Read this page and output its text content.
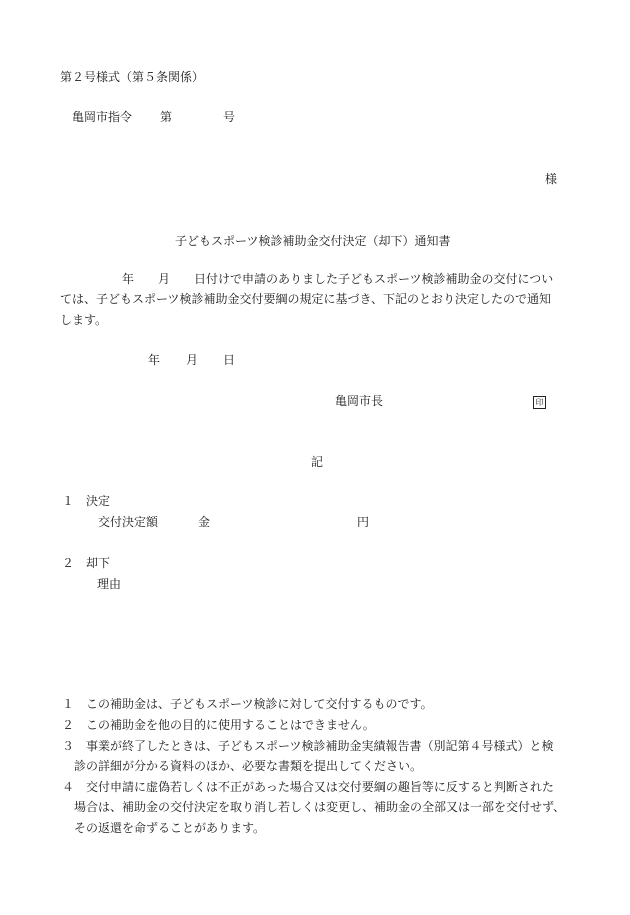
第２号様式（第５条関係）
亀岡市指令 第	号
様
子どもスポーツ検診補助金交付決定（却下）通知書
年　　月　　日付けで申請のありました子どもスポーツ検診補助金の交付につい
ては、子どもスポーツ検診補助金交付要綱の規定に基づき、下記のとおり決定したので通知
します。
年 月 日
亀岡市長	印
記
１　決定
交付決定額	金	円
２　却下
理由
１ この補助金は、子どもスポーツ検診に対して交付するものです。
２ この補助金を他の目的に使用することはできません。
３ 事業が終了したときは、子どもスポーツ検診補助金実績報告書（別記第４号様式）と検
診の詳細が分かる資料のほか、必要な書類を提出してください。
４ 交付申請に虚偽若しくは不正があった場合又は交付要綱の趣旨等に反すると判断された
場合は、補助金の交付決定を取り消し若しくは変更し、補助金の全部又は一部を交付せず、
その返還を命ずることがあります。
